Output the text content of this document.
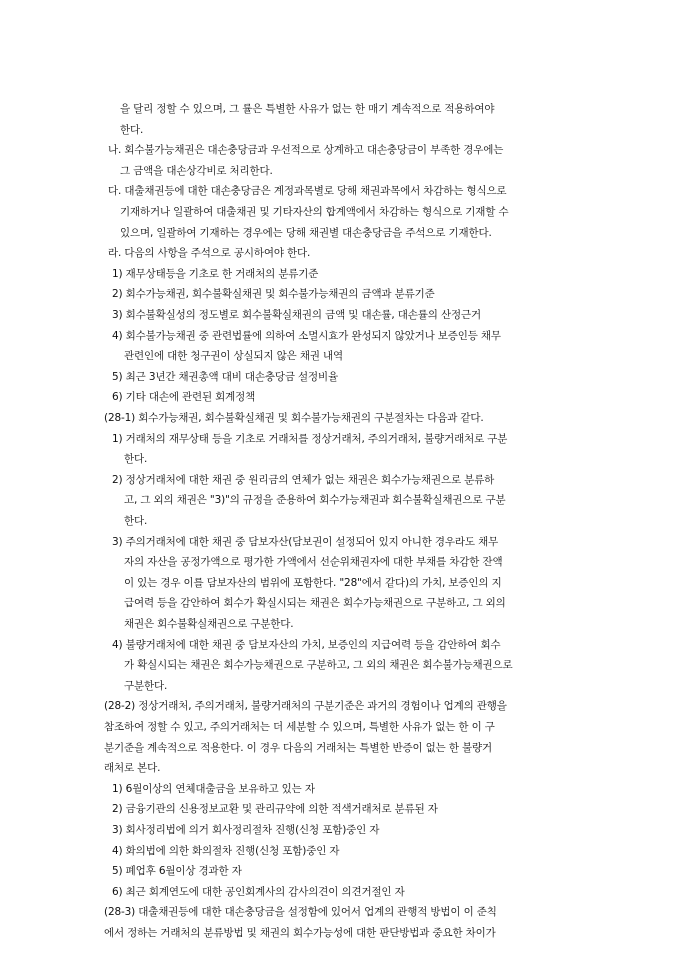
을 달리 정할 수 있으며, 그 률은 특별한 사유가 없는 한 매기 계속적으로 적용하여야
한다.
나. 회수불가능채권은 대손충당금과 우선적으로 상계하고 대손충당금이 부족한 경우에는
그 금액을 대손상각비로 처리한다.
다. 대출채권등에 대한 대손충당금은 계정과목별로 당해 채권과목에서 차감하는 형식으로
기재하거나 일괄하여 대출채권 및 기타자산의 합계액에서 차감하는 형식으로 기재할 수
있으며, 일괄하여 기재하는 경우에는 당해 채권별 대손충당금을 주석으로 기재한다.
라. 다음의 사항을 주석으로 공시하여야 한다.
1) 재무상태등을 기초로 한 거래처의 분류기준
2) 회수가능채권, 회수불확실채권 및 회수불가능채권의 금액과 분류기준
3) 회수불확실성의 정도별로 회수불확실채권의 금액 및 대손률, 대손률의 산정근거
4) 회수불가능채권 중 관련법률에 의하여 소멸시효가 완성되지 않았거나 보증인등 채무
관련인에 대한 청구권이 상실되지 않은 채권 내역
5) 최근 3년간 채권총액 대비 대손충당금 설정비율
6) 기타 대손에 관련된 회계정책
(28-1) 회수가능채권, 회수불확실채권 및 회수불가능채권의 구분절차는 다음과 같다.
1) 거래처의 재무상태 등을 기초로 거래처를 정상거래처, 주의거래처, 불량거래처로 구분
한다.
2) 정상거래처에 대한 채권 중 원리금의 연체가 없는 채권은 회수가능채권으로 분류하
고, 그 외의 채권은 "3)"의 규정을 준용하여 회수가능채권과 회수불확실채권으로 구분
한다.
3) 주의거래처에 대한 채권 중 담보자산(담보권이 설정되어 있지 아니한 경우라도 채무
자의 자산을 공정가액으로 평가한 가액에서 선순위채권자에 대한 부채를 차감한 잔액
이 있는 경우 이를 담보자산의 범위에 포함한다. "28"에서 같다)의 가치, 보증인의 지
급여력 등을 감안하여 회수가 확실시되는 채권은 회수가능채권으로 구분하고, 그 외의
채권은 회수불확실채권으로 구분한다.
4) 불량거래처에 대한 채권 중 담보자산의 가치, 보증인의 지급여력 등을 감안하여 회수
가 확실시되는 채권은 회수가능채권으로 구분하고, 그 외의 채권은 회수불가능채권으로
구분한다.
(28-2) 정상거래처, 주의거래처, 불량거래처의 구분기준은 과거의 경험이나 업계의 관행을
참조하여 정할 수 있고, 주의거래처는 더 세분할 수 있으며, 특별한 사유가 없는 한 이 구
분기준을 계속적으로 적용한다. 이 경우 다음의 거래처는 특별한 반증이 없는 한 불량거
래처로 본다.
1) 6월이상의 연체대출금을 보유하고 있는 자
2) 금융기관의 신용정보교환 및 관리규약에 의한 적색거래처로 분류된 자
3) 회사정리법에 의거 회사정리절차 진행(신청 포함)중인 자
4) 화의법에 의한 화의절차 진행(신청 포함)중인 자
5) 폐업후 6월이상 경과한 자
6) 최근 회계연도에 대한 공인회계사의 감사의견이 의견거절인 자
(28-3) 대출채권등에 대한 대손충당금을 설정함에 있어서 업계의 관행적 방법이 이 준칙
에서 정하는 거래처의 분류방법 및 채권의 회수가능성에 대한 판단방법과 중요한 차이가
